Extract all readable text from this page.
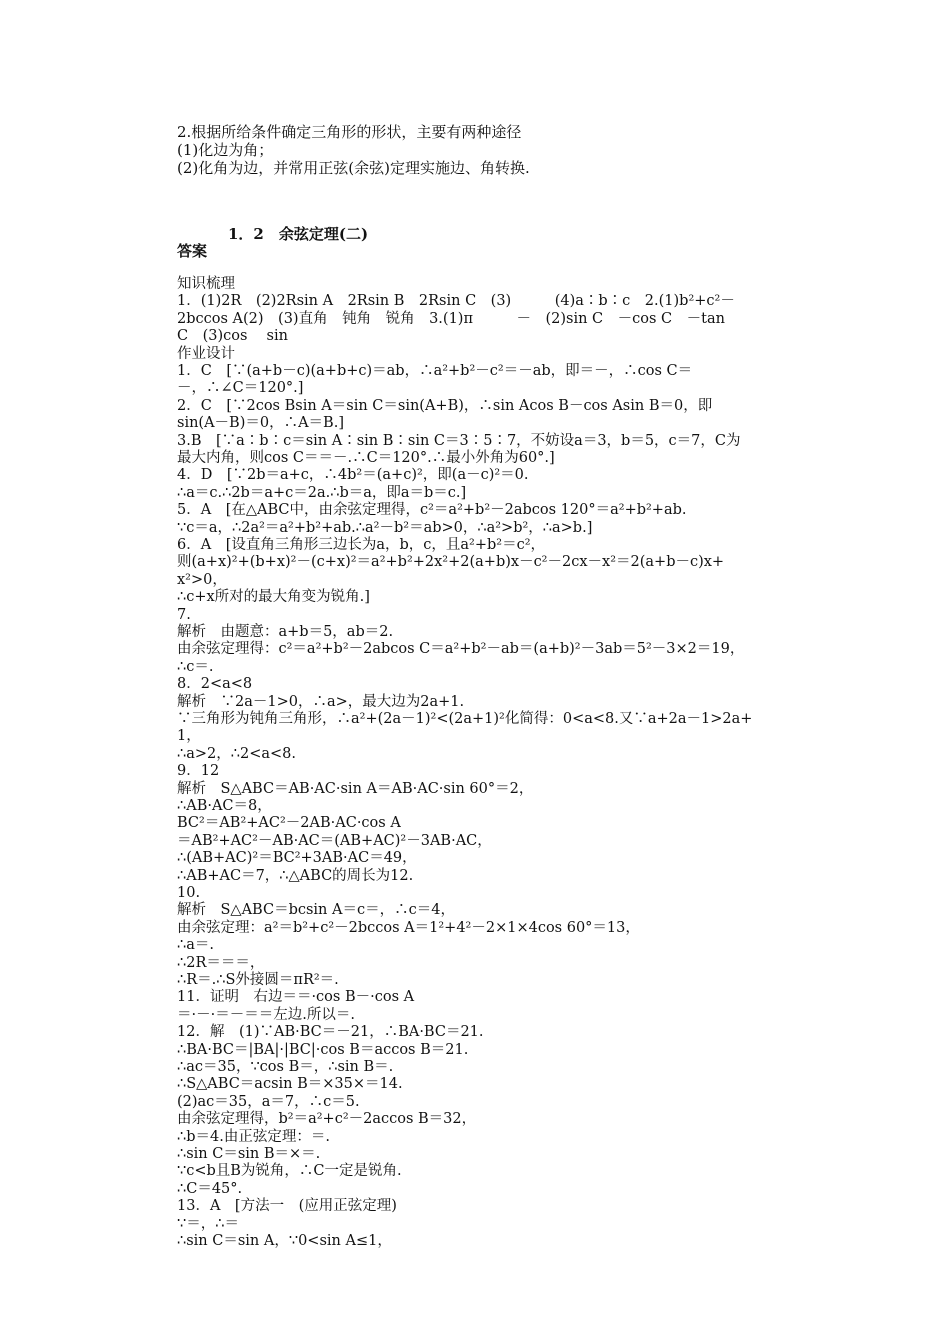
2.根据所给条件确定三角形的形状，主要有两种途径
(1)化边为角；
(2)化角为边，并常用正弦(余弦)定理实施边、角转换.
1．2　余弦定理(二)
答案
知识梳理
1．(1)2R　(2)2Rsin A　2Rsin B　2Rsin C　(3)　　　(4)a∶b∶c　2.(1)b²+c²－
2bccos A(2)　(3)直角　钝角　锐角　3.(1)π　　　－　(2)sin C　－cos C　－tan
C　(3)cos　 sin
作业设计
1．C　[∵(a+b－c)(a+b+c)＝ab，∴a²+b²－c²＝－ab，即＝－，∴cos C＝
－，∴∠C＝120°.]
2．C　[∵2cos Bsin A＝sin C＝sin(A+B)，∴sin Acos B－cos Asin B＝0，即
sin(A－B)＝0，∴A＝B.]
3.B　[∵a∶b∶c＝sin A∶sin B∶sin C＝3∶5∶7，不妨设a＝3，b＝5，c＝7，C为
最大内角，则cos C＝＝－.∴C＝120°.∴最小外角为60°.]
4．D　[∵2b＝a+c，∴4b²＝(a+c)²，即(a－c)²＝0.
∴a＝c.∴2b＝a+c＝2a.∴b＝a，即a＝b＝c.]
5．A　[在△ABC中，由余弦定理得，c²＝a²+b²－2abcos 120°＝a²+b²+ab.
∵c＝a，∴2a²＝a²+b²+ab.∴a²－b²＝ab>0，∴a²>b²，∴a>b.]
6．A　[设直角三角形三边长为a，b，c，且a²+b²＝c²，
则(a+x)²+(b+x)²－(c+x)²＝a²+b²+2x²+2(a+b)x－c²－2cx－x²＝2(a+b－c)x+
x²>0，
∴c+x所对的最大角变为锐角.]
7.
解析　由题意：a+b＝5，ab＝2.
由余弦定理得：c²＝a²+b²－2abcos C＝a²+b²－ab＝(a+b)²－3ab＝5²－3×2＝19，
∴c＝.
8．2<a<8
解析　∵2a－1>0，∴a>，最大边为2a+1.
∵三角形为钝角三角形，∴a²+(2a－1)²<(2a+1)²化简得：0<a<8.又∵a+2a－1>2a+
1，
∴a>2，∴2<a<8.
9．12
解析　S△ABC＝AB·AC·sin A＝AB·AC·sin 60°＝2，
∴AB·AC＝8，
BC²＝AB²+AC²－2AB·AC·cos A
＝AB²+AC²－AB·AC＝(AB+AC)²－3AB·AC，
∴(AB+AC)²＝BC²+3AB·AC＝49，
∴AB+AC＝7，∴△ABC的周长为12.
10.
解析　S△ABC＝bcsin A＝c＝，∴c＝4，
由余弦定理：a²＝b²+c²－2bccos A＝1²+4²－2×1×4cos 60°＝13，
∴a＝.
∴2R＝＝＝，
∴R＝.∴S外接圆＝πR²＝.
11．证明　右边＝＝·cos B－·cos A
＝·－·＝－＝＝左边.所以＝.
12．解　(1)∵AB·BC＝－21，∴BA·BC＝21.
∴BA·BC＝|BA|·|BC|·cos B＝accos B＝21.
∴ac＝35，∵cos B＝，∴sin B＝.
∴S△ABC＝acsin B＝×35×＝14.
(2)ac＝35，a＝7，∴c＝5.
由余弦定理得，b²＝a²+c²－2accos B＝32，
∴b＝4.由正弦定理：＝.
∴sin C＝sin B＝×＝.
∵c<b且B为锐角，∴C一定是锐角.
∴C＝45°.
13．A　[方法一　(应用正弦定理)
∵＝，∴＝
∴sin C＝sin A，∵0<sin A≤1，
